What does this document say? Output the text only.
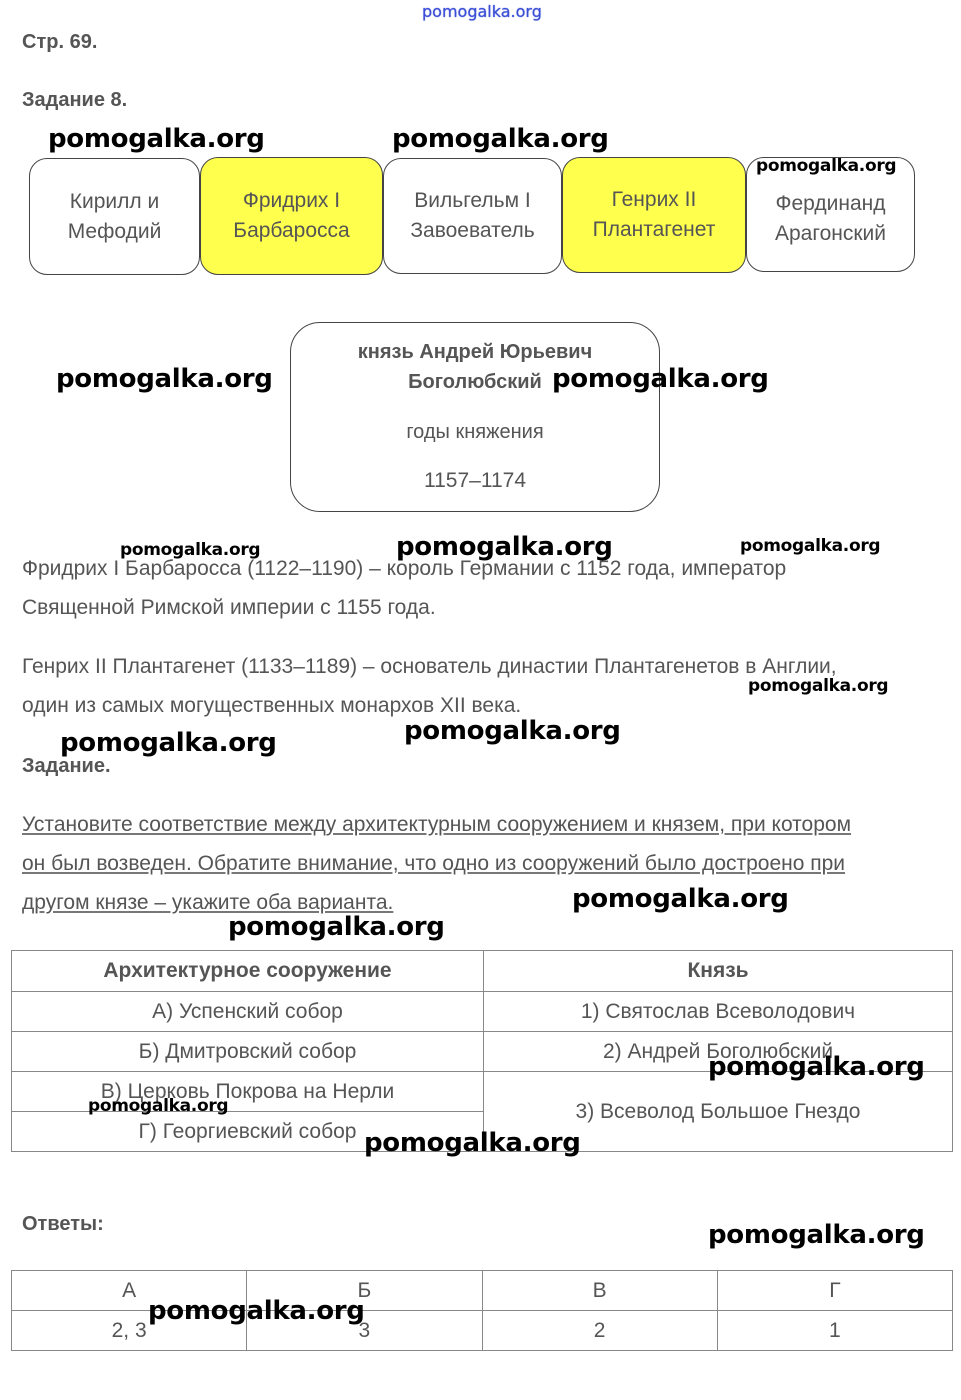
pomogalka.org
Стр. 69.
Задание 8.
Кирилл и
Мефодий
Фридрих I
Барбаросса
Вильгельм I
Завоеватель
Генрих II
Плантагенет
Фердинанд
Арагонский
князь Андрей Юрьевич
Боголюбский
годы княжения
1157–1174
Фридрих I Барбаросса (1122–1190) – король Германии с 1152 года, император
Священной Римской империи с 1155 года.
Генрих II Плантагенет (1133–1189) – основатель династии Плантагенетов в Англии,
один из самых могущественных монархов XII века.
Задание.
Установите соответствие между архитектурным сооружением и князем, при котором
он был возведен. Обратите внимание, что одно из сооружений было достроено при
другом князе – укажите оба варианта.
Архитектурное сооружение	Князь
А) Успенский собор	1) Святослав Всеволодович
Б) Дмитровский собор	2) Андрей Боголюбский
В) Церковь Покрова на Нерли	3) Всеволод Большое Гнездо
Г) Георгиевский собор	
Ответы:
А	Б	В	Г
2, 3	3	2	1
pomogalka.org	pomogalka.org
pomogalka.org
pomogalka.org	pomogalka.org
pomogalka.org	pomogalka.org	pomogalka.org
pomogalka.org
pomogalka.org	pomogalka.org
pomogalka.org
pomogalka.org
pomogalka.org
pomogalka.org
pomogalka.org
pomogalka.org
pomogalka.org
